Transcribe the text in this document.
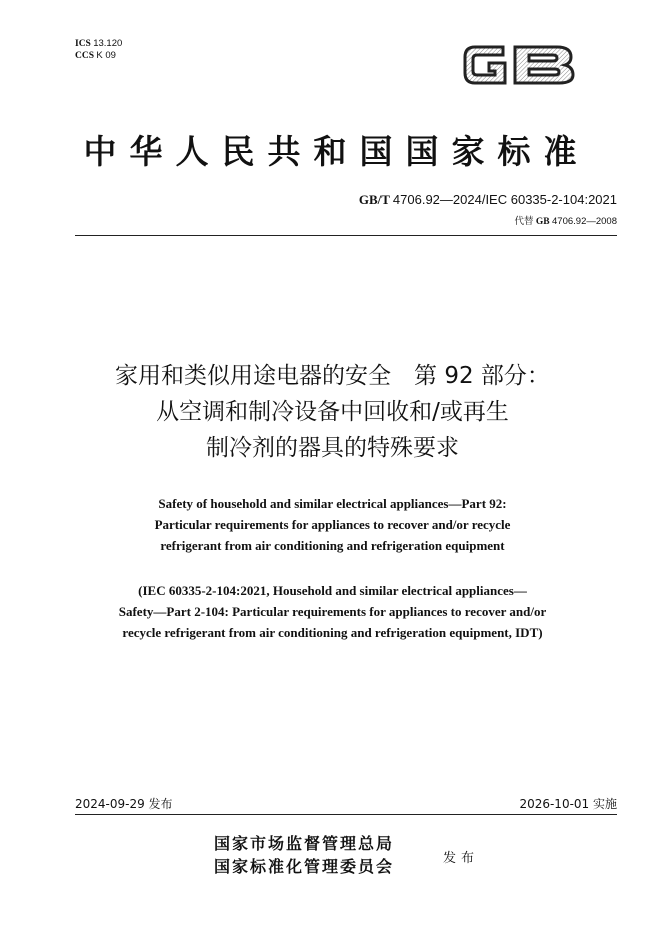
ICS 13.120
CCS K 09
GB
中华人民共和国国家标准
GB/T 4706.92—2024/IEC 60335-2-104:2021
代替 GB 4706.92—2008
家用和类似用途电器的安全　第 92 部分：
从空调和制冷设备中回收和/或再生
制冷剂的器具的特殊要求
Safety of household and similar electrical appliances—Part 92:
Particular requirements for appliances to recover and/or recycle
refrigerant from air conditioning and refrigeration equipment
(IEC 60335-2-104:2021, Household and similar electrical appliances—
Safety—Part 2-104: Particular requirements for appliances to recover and/or
recycle refrigerant from air conditioning and refrigeration equipment, IDT)
2024-09-29 发布	2026-10-01 实施
国家市场监督管理总局
国家标准化管理委员会	发布
